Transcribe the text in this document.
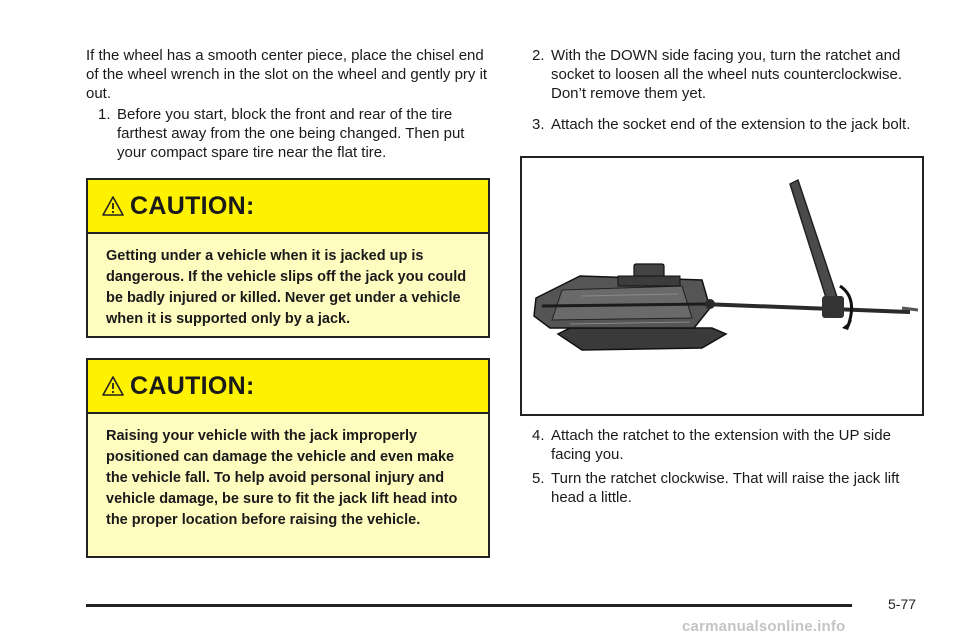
If the wheel has a smooth center piece, place the chisel end of the wheel wrench in the slot on the wheel and gently pry it out.

1. Before you start, block the front and rear of the tire farthest away from the one being changed. Then put your compact spare tire near the flat tire.

CAUTION:

Getting under a vehicle when it is jacked up is dangerous. If the vehicle slips off the jack you could be badly injured or killed. Never get under a vehicle when it is supported only by a jack.

CAUTION:

Raising your vehicle with the jack improperly positioned can damage the vehicle and even make the vehicle fall. To help avoid personal injury and vehicle damage, be sure to fit the jack lift head into the proper location before raising the vehicle.

2. With the DOWN side facing you, turn the ratchet and socket to loosen all the wheel nuts counterclockwise. Don’t remove them yet.

3. Attach the socket end of the extension to the jack bolt.

4. Attach the ratchet to the extension with the UP side facing you.

5. Turn the ratchet clockwise. That will raise the jack lift head a little.

5-77
carmanualsonline.info
